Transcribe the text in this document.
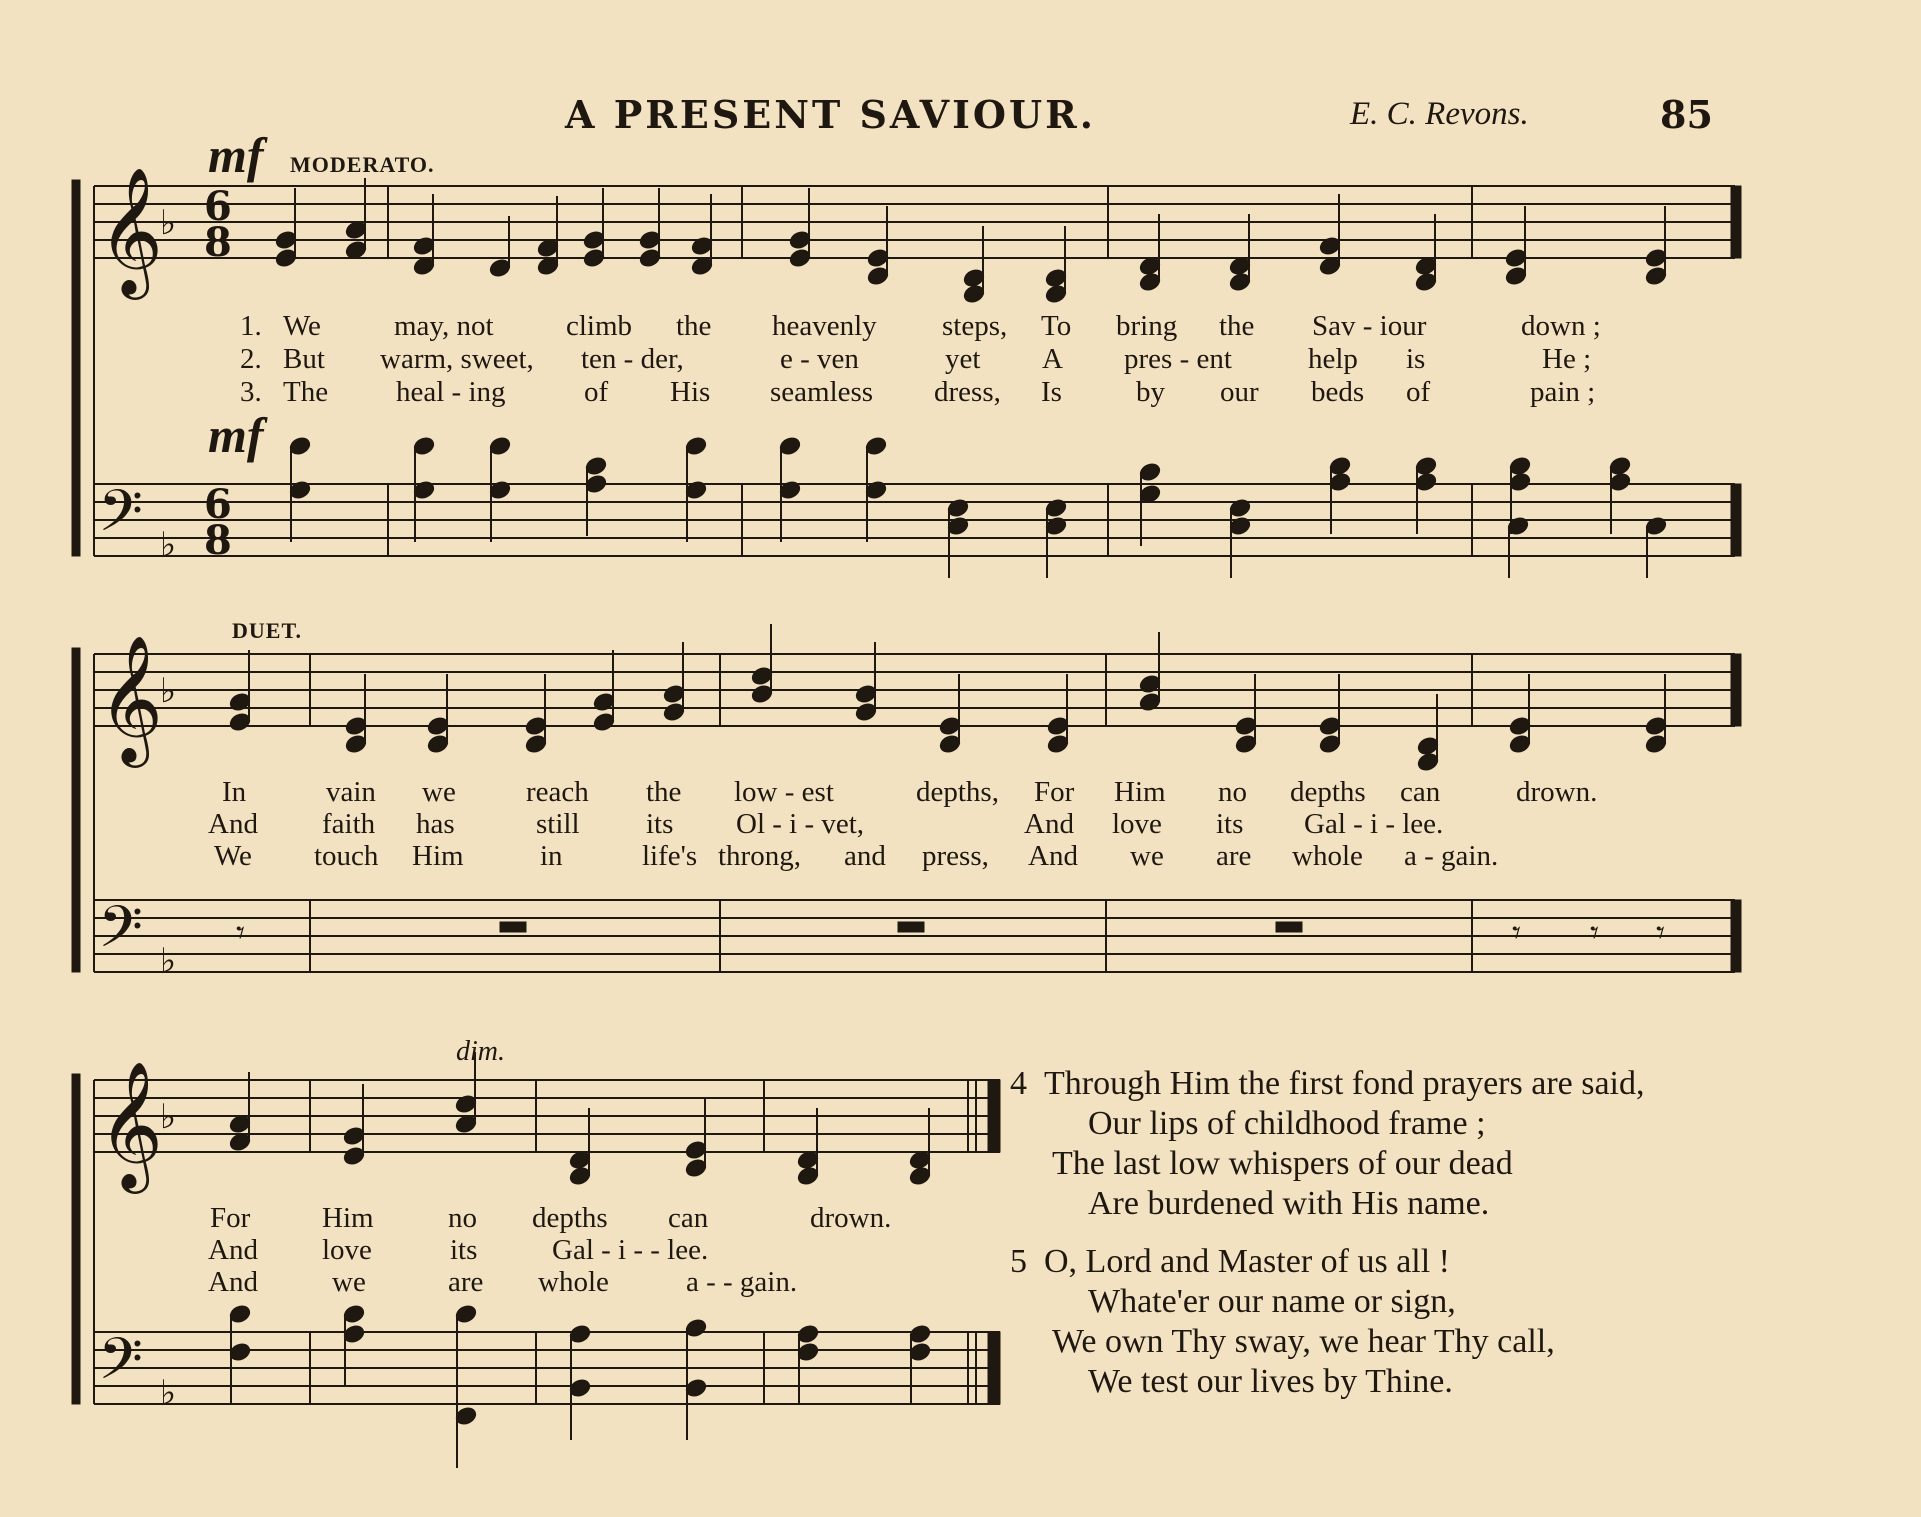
A PRESENT SAVIOUR.	E. C. Revons.	85
𝄞
𝄢
♭
♭
6
8
6
8
𝄞
𝄢
♭
♭
𝄾	𝄾 𝄾 𝄾
𝄞
𝄢
♭
♭
mf MODERATO.
mf
1. We	may, not climb the heavenly steps, To bring the Sav - iour	down ;
2. But warm, sweet, ten - der,	e - ven	yet A pres - ent	help is	He ;
3. The heal - ing	of His seamless dress, Is	by our beds of	pain ;
DUET.
In	vain we reach the low - est	depths, For Him no depths can	drown.
And faith has	still its Ol - i - vet,	And love its Gal - i - lee.
We touch Him	in	life's throng, and press, And we are whole a - gain.
dim.
For Him	no depths can	drown.
And love	its	Gal - i - - lee.
And	we	are whole	a - - gain.
4 Through Him the first fond prayers are said,
Our lips of childhood frame ;
The last low whispers of our dead
Are burdened with His name.
5 O, Lord and Master of us all !
Whate'er our name or sign,
We own Thy sway, we hear Thy call,
We test our lives by Thine.
